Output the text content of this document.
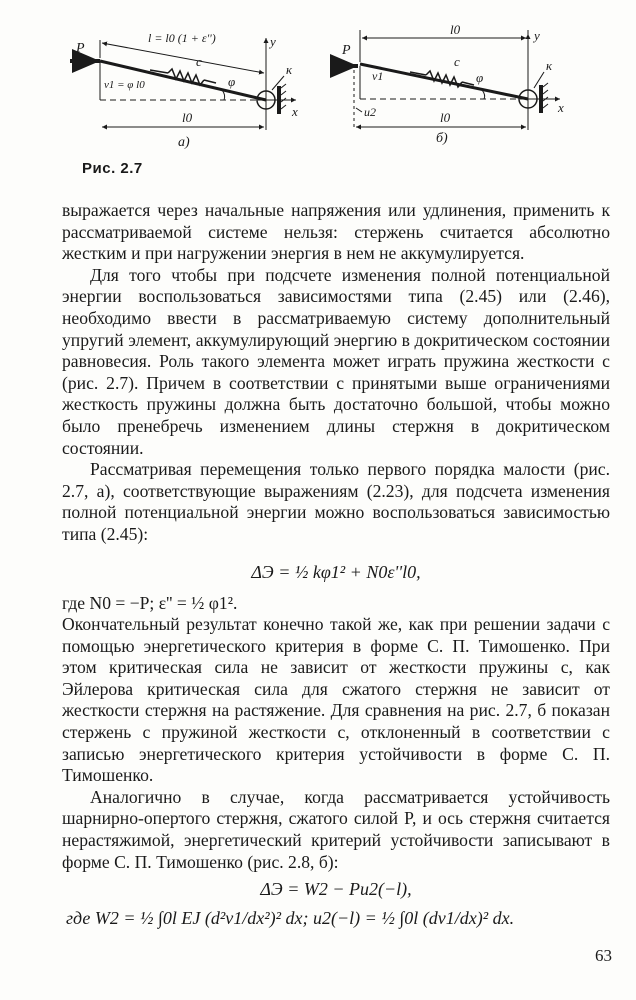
P
l = l0 (1 + ε'')
c
φ
v1 = φ l0
к
y
x
l0
а)
P
l0
c
φ
v1
u2
к
y
x
l0
б)
Рис. 2.7

выражается через начальные напряжения или удлинения, применить к рассматриваемой системе нельзя: стержень считается абсолютно жестким и при нагружении энергия в нем не аккумулируется.

Для того чтобы при подсчете изменения полной потенциальной энергии воспользоваться зависимостями типа (2.45) или (2.46), необходимо ввести в рассматриваемую систему дополнительный упругий элемент, аккумулирующий энергию в докритическом состоянии равновесия. Роль такого элемента может играть пружина жесткости c (рис. 2.7). Причем в соответствии с принятыми выше ограничениями жесткость пружины должна быть достаточно большой, чтобы можно было пренебречь изменением длины стержня в докритическом состоянии.

Рассматривая перемещения только первого порядка малости (рис. 2.7, а), соответствующие выражениям (2.23), для подсчета изменения полной потенциальной энергии можно воспользоваться зависимостью типа (2.45):

ΔЭ = ½ kφ1² + N0ε''l0,

где N0 = −P; ε'' = ½ φ1².

Окончательный результат конечно такой же, как при решении задачи с помощью энергетического критерия в форме С. П. Тимошенко. При этом критическая сила не зависит от жесткости пружины c, как Эйлерова критическая сила для сжатого стержня не зависит от жесткости стержня на растяжение. Для сравнения на рис. 2.7, б показан стержень с пружиной жесткости c, отклоненный в соответствии с записью энергетического критерия устойчивости в форме С. П. Тимошенко.

Аналогично в случае, когда рассматривается устойчивость шарнирно-опертого стержня, сжатого силой P, и ось стержня считается нерастяжимой, энергетический критерий устойчивости записывают в форме С. П. Тимошенко (рис. 2.8, б):

ΔЭ = W2 − Pu2(−l),
где W2 = ½ ∫0l EJ (d²v1/dx²)² dx; u2(−l) = ½ ∫0l (dv1/dx)² dx.
63
